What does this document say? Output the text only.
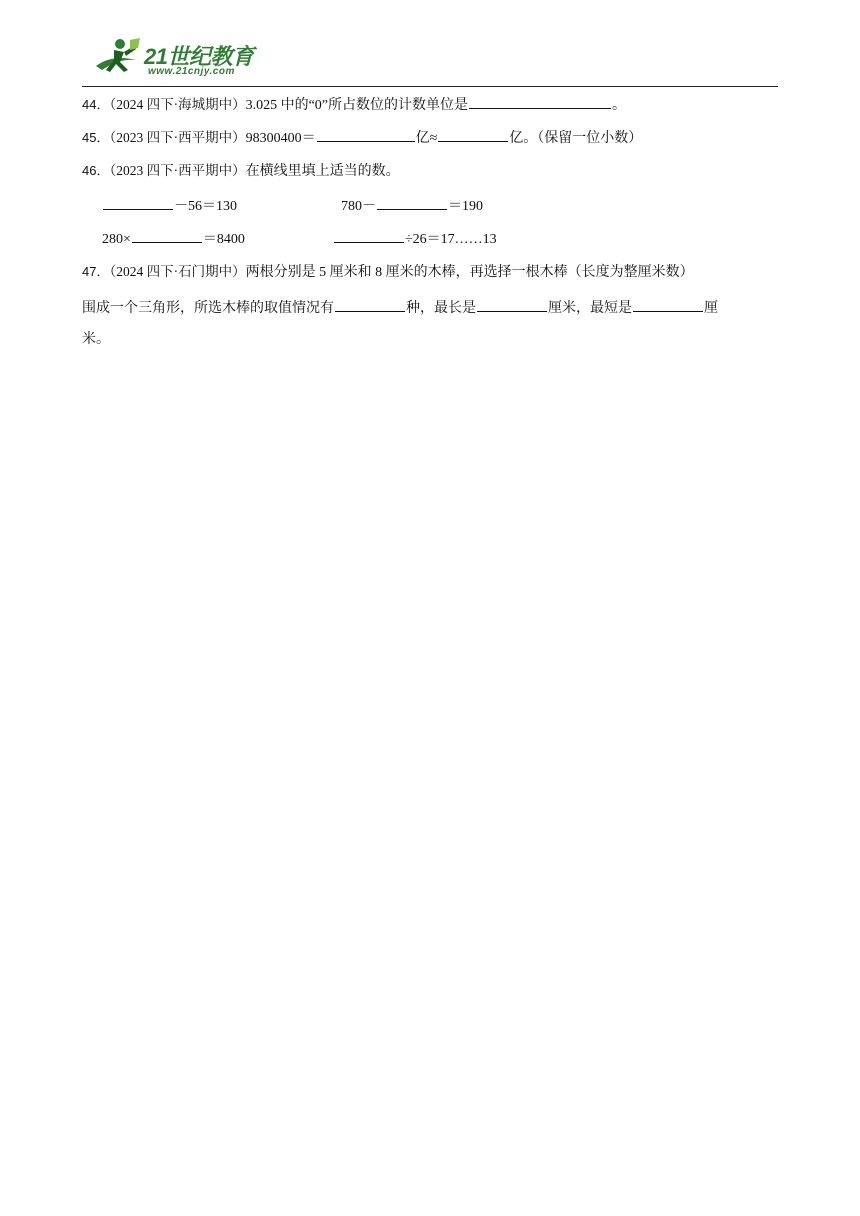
21世纪教育
www.21cnjy.com
44．（2024 四下·海城期中）3.025 中的“0”所占数位的计数单位是	。
45．（2023 四下·西平期中）98300400＝	亿≈	亿。（保留一位小数）
46．（2023 四下·西平期中）在横线里填上适当的数。
－56＝130	780－	＝190
280×	＝8400	÷26＝17……13
47．（2024 四下·石门期中）两根分别是 5 厘米和 8 厘米的木棒，再选择一根木棒（长度为整厘米数）
围成一个三角形，所选木棒的取值情况有	种，最长是	厘米，最短是	厘
米。
